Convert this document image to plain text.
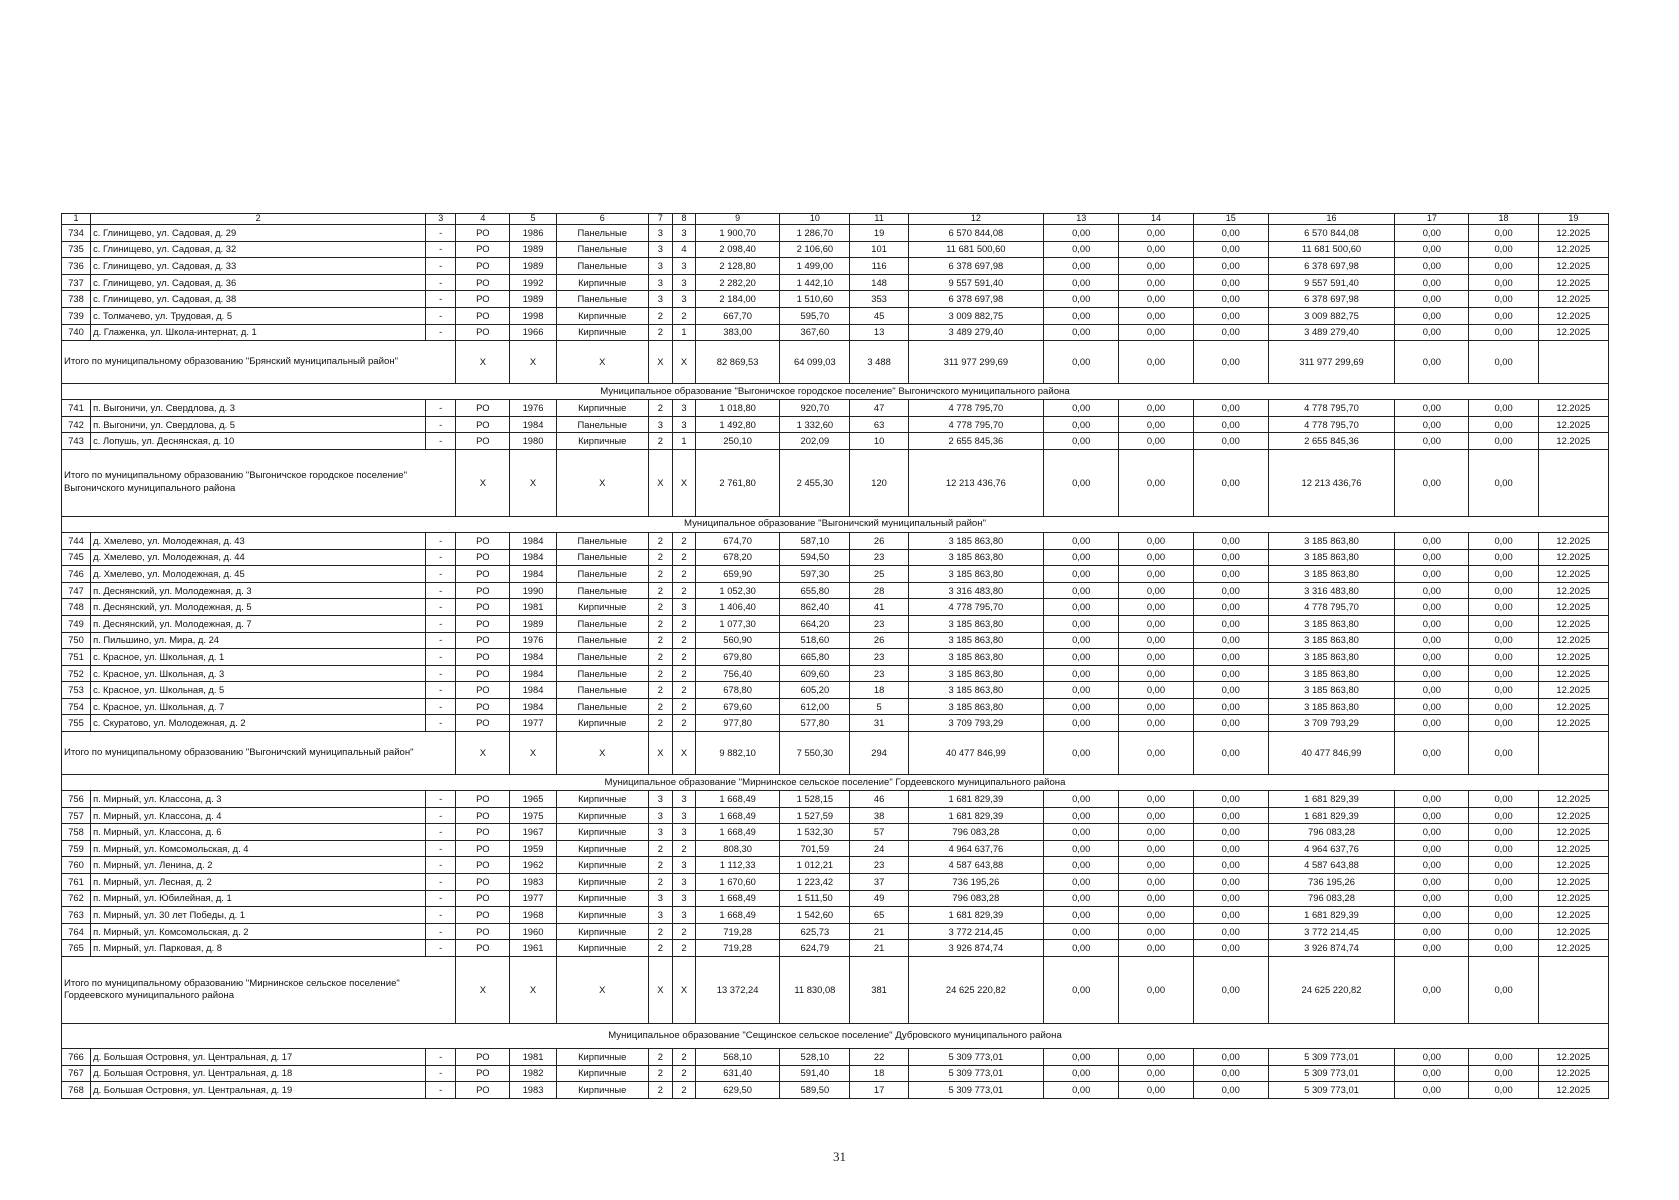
1	2	3	4	5	6	7	8	9	10	11	12	13	14	15	16	17	18	19
734	с. Глинищево, ул. Садовая, д. 29	-	РО	1986	Панельные	3	3	1 900,70	1 286,70	19	6 570 844,08	0,00	0,00	0,00	6 570 844,08	0,00	0,00	12.2025
735	с. Глинищево, ул. Садовая, д. 32	-	РО	1989	Панельные	3	4	2 098,40	2 106,60	101	11 681 500,60	0,00	0,00	0,00	11 681 500,60	0,00	0,00	12.2025
736	с. Глинищево, ул. Садовая, д. 33	-	РО	1989	Панельные	3	3	2 128,80	1 499,00	116	6 378 697,98	0,00	0,00	0,00	6 378 697,98	0,00	0,00	12.2025
737	с. Глинищево, ул. Садовая, д. 36	-	РО	1992	Кирпичные	3	3	2 282,20	1 442,10	148	9 557 591,40	0,00	0,00	0,00	9 557 591,40	0,00	0,00	12.2025
738	с. Глинищево, ул. Садовая, д. 38	-	РО	1989	Панельные	3	3	2 184,00	1 510,60	353	6 378 697,98	0,00	0,00	0,00	6 378 697,98	0,00	0,00	12.2025
739	с. Толмачево, ул. Трудовая, д. 5	-	РО	1998	Кирпичные	2	2	667,70	595,70	45	3 009 882,75	0,00	0,00	0,00	3 009 882,75	0,00	0,00	12.2025
740	д. Глаженка, ул. Школа-интернат, д. 1	-	РО	1966	Кирпичные	2	1	383,00	367,60	13	3 489 279,40	0,00	0,00	0,00	3 489 279,40	0,00	0,00	12.2025
Итого по муниципальному образованию "Брянский муниципальный район"			X	X	X	X	X	82 869,53	64 099,03	3 488	311 977 299,69	0,00	0,00	0,00	311 977 299,69	0,00	0,00	
Муниципальное образование "Выгоничское городское поселение" Выгоничского муниципального района																		
741	п. Выгоничи, ул. Свердлова, д. 3	-	РО	1976	Кирпичные	2	3	1 018,80	920,70	47	4 778 795,70	0,00	0,00	0,00	4 778 795,70	0,00	0,00	12.2025
742	п. Выгоничи, ул. Свердлова, д. 5	-	РО	1984	Панельные	3	3	1 492,80	1 332,60	63	4 778 795,70	0,00	0,00	0,00	4 778 795,70	0,00	0,00	12.2025
743	с. Лопушь, ул. Деснянская, д. 10	-	РО	1980	Кирпичные	2	1	250,10	202,09	10	2 655 845,36	0,00	0,00	0,00	2 655 845,36	0,00	0,00	12.2025
Итого по муниципальному образованию "Выгоничское городское поселение" Выгоничского муниципального района			X	X	X	X	X	2 761,80	2 455,30	120	12 213 436,76	0,00	0,00	0,00	12 213 436,76	0,00	0,00	
Муниципальное образование "Выгоничский муниципальный район"																		
744	д. Хмелево, ул. Молодежная, д. 43	-	РО	1984	Панельные	2	2	674,70	587,10	26	3 185 863,80	0,00	0,00	0,00	3 185 863,80	0,00	0,00	12.2025
745	д. Хмелево, ул. Молодежная, д. 44	-	РО	1984	Панельные	2	2	678,20	594,50	23	3 185 863,80	0,00	0,00	0,00	3 185 863,80	0,00	0,00	12.2025
746	д. Хмелево, ул. Молодежная, д. 45	-	РО	1984	Панельные	2	2	659,90	597,30	25	3 185 863,80	0,00	0,00	0,00	3 185 863,80	0,00	0,00	12.2025
747	п. Деснянский, ул. Молодежная, д. 3	-	РО	1990	Панельные	2	2	1 052,30	655,80	28	3 316 483,80	0,00	0,00	0,00	3 316 483,80	0,00	0,00	12.2025
748	п. Деснянский, ул. Молодежная, д. 5	-	РО	1981	Кирпичные	2	3	1 406,40	862,40	41	4 778 795,70	0,00	0,00	0,00	4 778 795,70	0,00	0,00	12.2025
749	п. Деснянский, ул. Молодежная, д. 7	-	РО	1989	Панельные	2	2	1 077,30	664,20	23	3 185 863,80	0,00	0,00	0,00	3 185 863,80	0,00	0,00	12.2025
750	п. Пильшино, ул. Мира, д. 24	-	РО	1976	Панельные	2	2	560,90	518,60	26	3 185 863,80	0,00	0,00	0,00	3 185 863,80	0,00	0,00	12.2025
751	с. Красное, ул. Школьная, д. 1	-	РО	1984	Панельные	2	2	679,80	665,80	23	3 185 863,80	0,00	0,00	0,00	3 185 863,80	0,00	0,00	12.2025
752	с. Красное, ул. Школьная, д. 3	-	РО	1984	Панельные	2	2	756,40	609,60	23	3 185 863,80	0,00	0,00	0,00	3 185 863,80	0,00	0,00	12.2025
753	с. Красное, ул. Школьная, д. 5	-	РО	1984	Панельные	2	2	678,80	605,20	18	3 185 863,80	0,00	0,00	0,00	3 185 863,80	0,00	0,00	12.2025
754	с. Красное, ул. Школьная, д. 7	-	РО	1984	Панельные	2	2	679,60	612,00	5	3 185 863,80	0,00	0,00	0,00	3 185 863,80	0,00	0,00	12.2025
755	с. Скуратово, ул. Молодежная, д. 2	-	РО	1977	Кирпичные	2	2	977,80	577,80	31	3 709 793,29	0,00	0,00	0,00	3 709 793,29	0,00	0,00	12.2025
Итого по муниципальному образованию "Выгоничский муниципальный район"			X	X	X	X	X	9 882,10	7 550,30	294	40 477 846,99	0,00	0,00	0,00	40 477 846,99	0,00	0,00	
Муниципальное образование "Мирнинское сельское поселение" Гордеевского муниципального района																		
756	п. Мирный, ул. Классона, д. 3	-	РО	1965	Кирпичные	3	3	1 668,49	1 528,15	46	1 681 829,39	0,00	0,00	0,00	1 681 829,39	0,00	0,00	12.2025
757	п. Мирный, ул. Классона, д. 4	-	РО	1975	Кирпичные	3	3	1 668,49	1 527,59	38	1 681 829,39	0,00	0,00	0,00	1 681 829,39	0,00	0,00	12.2025
758	п. Мирный, ул. Классона, д. 6	-	РО	1967	Кирпичные	3	3	1 668,49	1 532,30	57	796 083,28	0,00	0,00	0,00	796 083,28	0,00	0,00	12.2025
759	п. Мирный, ул. Комсомольская, д. 4	-	РО	1959	Кирпичные	2	2	808,30	701,59	24	4 964 637,76	0,00	0,00	0,00	4 964 637,76	0,00	0,00	12.2025
760	п. Мирный, ул. Ленина, д. 2	-	РО	1962	Кирпичные	2	3	1 112,33	1 012,21	23	4 587 643,88	0,00	0,00	0,00	4 587 643,88	0,00	0,00	12.2025
761	п. Мирный, ул. Лесная, д. 2	-	РО	1983	Кирпичные	2	3	1 670,60	1 223,42	37	736 195,26	0,00	0,00	0,00	736 195,26	0,00	0,00	12.2025
762	п. Мирный, ул. Юбилейная, д. 1	-	РО	1977	Кирпичные	3	3	1 668,49	1 511,50	49	796 083,28	0,00	0,00	0,00	796 083,28	0,00	0,00	12.2025
763	п. Мирный, ул. 30 лет Победы, д. 1	-	РО	1968	Кирпичные	3	3	1 668,49	1 542,60	65	1 681 829,39	0,00	0,00	0,00	1 681 829,39	0,00	0,00	12.2025
764	п. Мирный, ул. Комсомольская, д. 2	-	РО	1960	Кирпичные	2	2	719,28	625,73	21	3 772 214,45	0,00	0,00	0,00	3 772 214,45	0,00	0,00	12.2025
765	п. Мирный, ул. Парковая, д. 8	-	РО	1961	Кирпичные	2	2	719,28	624,79	21	3 926 874,74	0,00	0,00	0,00	3 926 874,74	0,00	0,00	12.2025
Итого по муниципальному образованию "Мирнинское сельское поселение" Гордеевского муниципального района			X	X	X	X	X	13 372,24	11 830,08	381	24 625 220,82	0,00	0,00	0,00	24 625 220,82	0,00	0,00	
Муниципальное образование "Сещинское сельское поселение" Дубровского муниципального района																		
766	д. Большая Островня, ул. Центральная, д. 17	-	РО	1981	Кирпичные	2	2	568,10	528,10	22	5 309 773,01	0,00	0,00	0,00	5 309 773,01	0,00	0,00	12.2025
767	д. Большая Островня, ул. Центральная, д. 18	-	РО	1982	Кирпичные	2	2	631,40	591,40	18	5 309 773,01	0,00	0,00	0,00	5 309 773,01	0,00	0,00	12.2025
768	д. Большая Островня, ул. Центральная, д. 19	-	РО	1983	Кирпичные	2	2	629,50	589,50	17	5 309 773,01	0,00	0,00	0,00	5 309 773,01	0,00	0,00	12.2025
31
